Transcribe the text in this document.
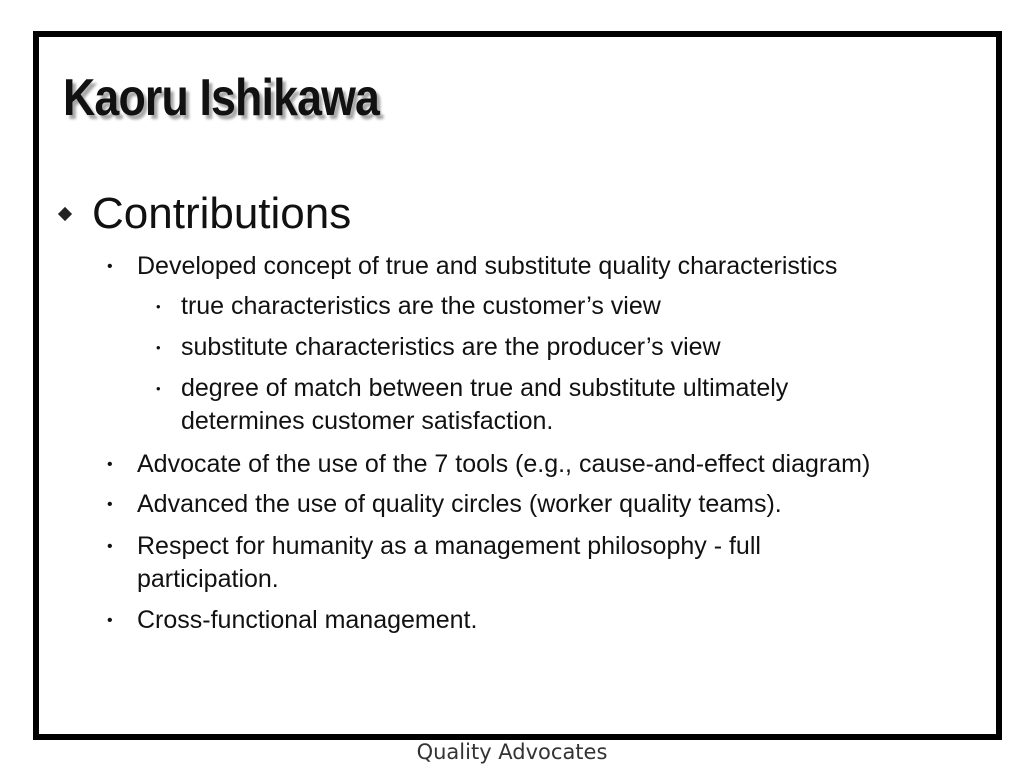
Kaoru Ishikawa
Contributions
• Developed concept of true and substitute quality characteristics
• true characteristics are the customer’s view
• substitute characteristics are the producer’s view
• degree of match between true and substitute ultimately determines customer satisfaction.
• Advocate of the use of the 7 tools (e.g., cause-and-effect diagram)
• Advanced the use of quality circles (worker quality teams).
• Respect for humanity as a management philosophy - full participation.
• Cross-functional management.
Quality Advocates
